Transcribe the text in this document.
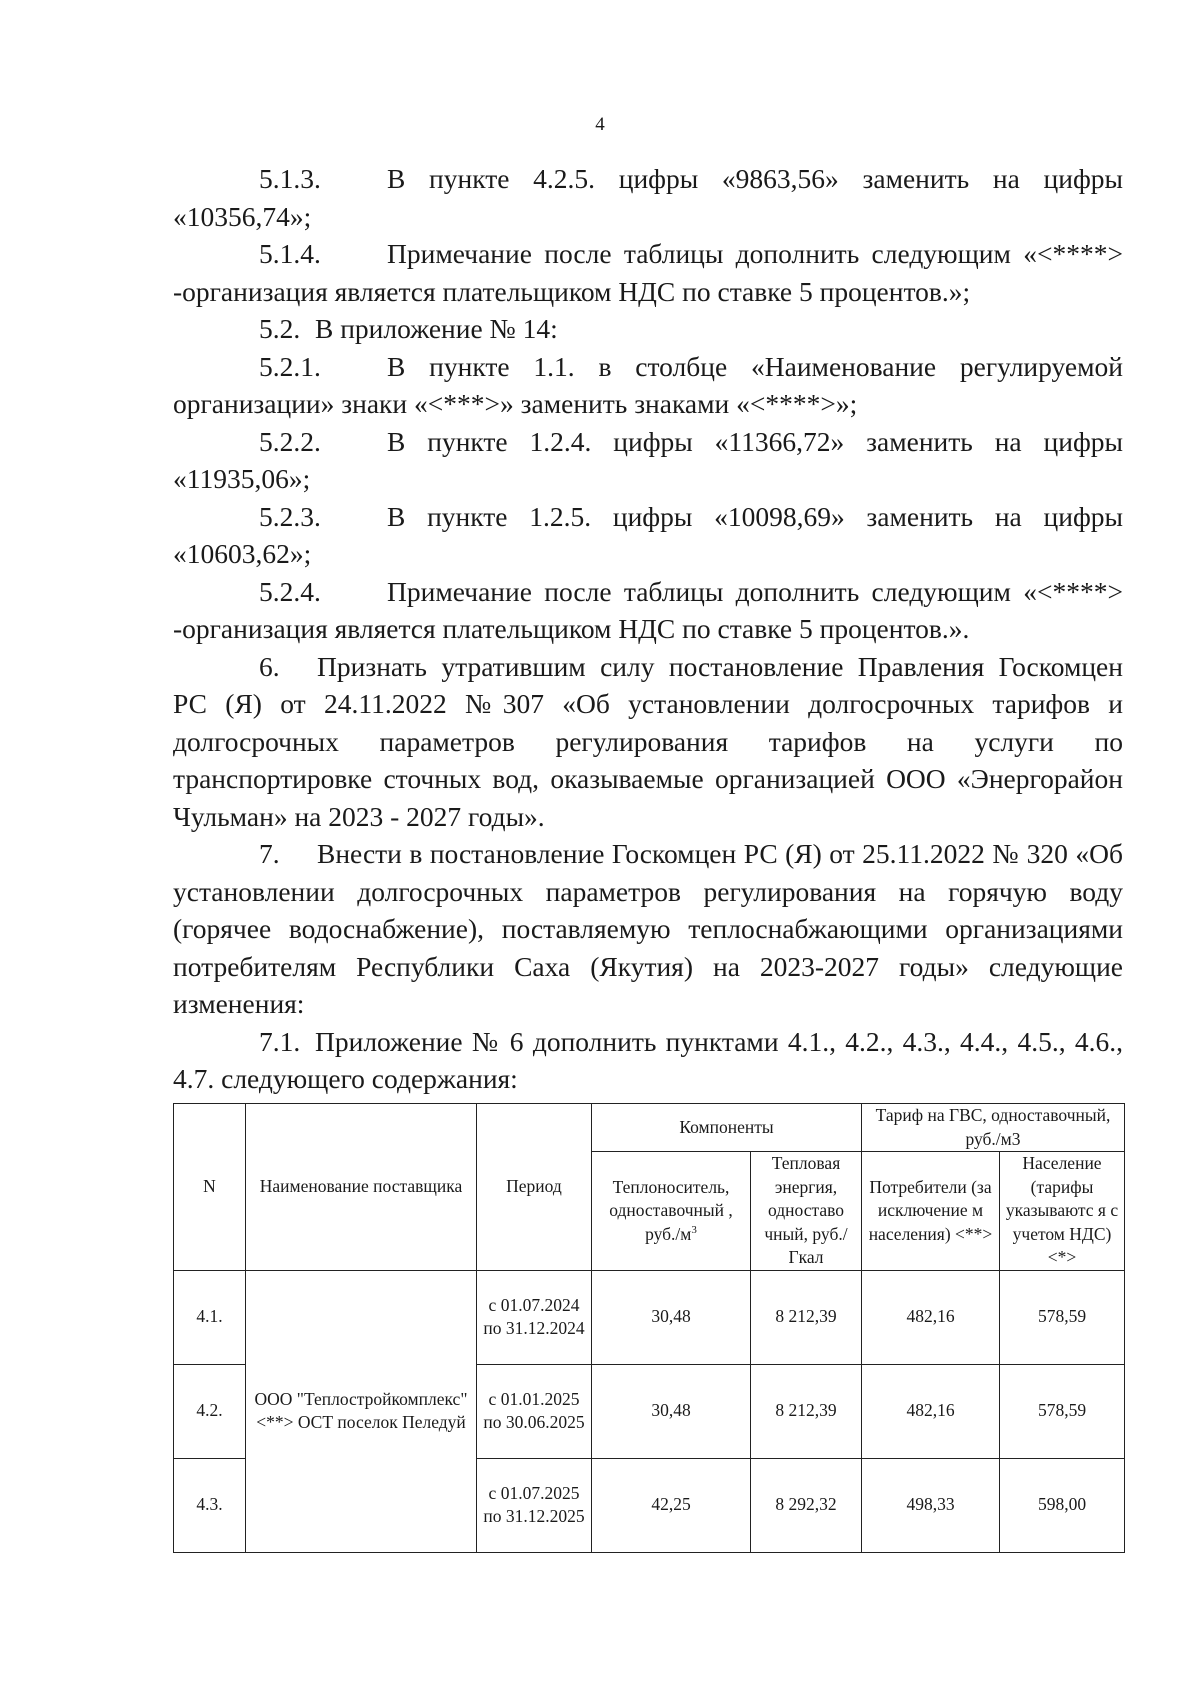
4

5.1.3. В пункте 4.2.5. цифры «9863,56» заменить на цифры «10356,74»;

5.1.4. Примечание после таблицы дополнить следующим «<****> -организация является плательщиком НДС по ставке 5 процентов.»;

5.2. В приложение № 14:

5.2.1. В пункте 1.1. в столбце «Наименование регулируемой организации» знаки «<***>» заменить знаками «<****>»;

5.2.2. В пункте 1.2.4. цифры «11366,72» заменить на цифры «11935,06»;

5.2.3. В пункте 1.2.5. цифры «10098,69» заменить на цифры «10603,62»;

5.2.4. Примечание после таблицы дополнить следующим «<****> -организация является плательщиком НДС по ставке 5 процентов.».

6. Признать утратившим силу постановление Правления Госкомцен РС (Я) от 24.11.2022 №307 «Об установлении долгосрочных тарифов и долгосрочных параметров регулирования тарифов на услуги по транспортировке сточных вод, оказываемые организацией ООО «Энергорайон Чульман» на 2023 - 2027 годы».

7. Внести в постановление Госкомцен РС (Я) от 25.11.2022 № 320 «Об установлении долгосрочных параметров регулирования на горячую воду (горячее водоснабжение), поставляемую теплоснабжающими организациями потребителям Республики Саха (Якутия) на 2023-2027 годы» следующие изменения:

7.1. Приложение № 6 дополнить пунктами 4.1., 4.2., 4.3., 4.4., 4.5., 4.6., 4.7. следующего содержания:

N	Наименование поставщика	Период	Компоненты		Тариф на ГВС, одноставочный, руб./м3	
			Теплоноситель, одноставочный , $руб./м^3$	Тепловая энергия, одноставо чный, руб./Гкал	Потребители (за исключение м населения) <**>	Население (тарифы указываютс я с учетом НДС) <*>
4.1.	ООО "Теплостройкомплекс" <**> ОСТ поселок Пеледуй	с 01.07.2024 по 31.12.2024	30,48	8 212,39	482,16	578,59
4.2.		с 01.01.2025 по 30.06.2025	30,48	8 212,39	482,16	578,59
4.3.		с 01.07.2025 по 31.12.2025	42,25	8 292,32	498,33	598,00
